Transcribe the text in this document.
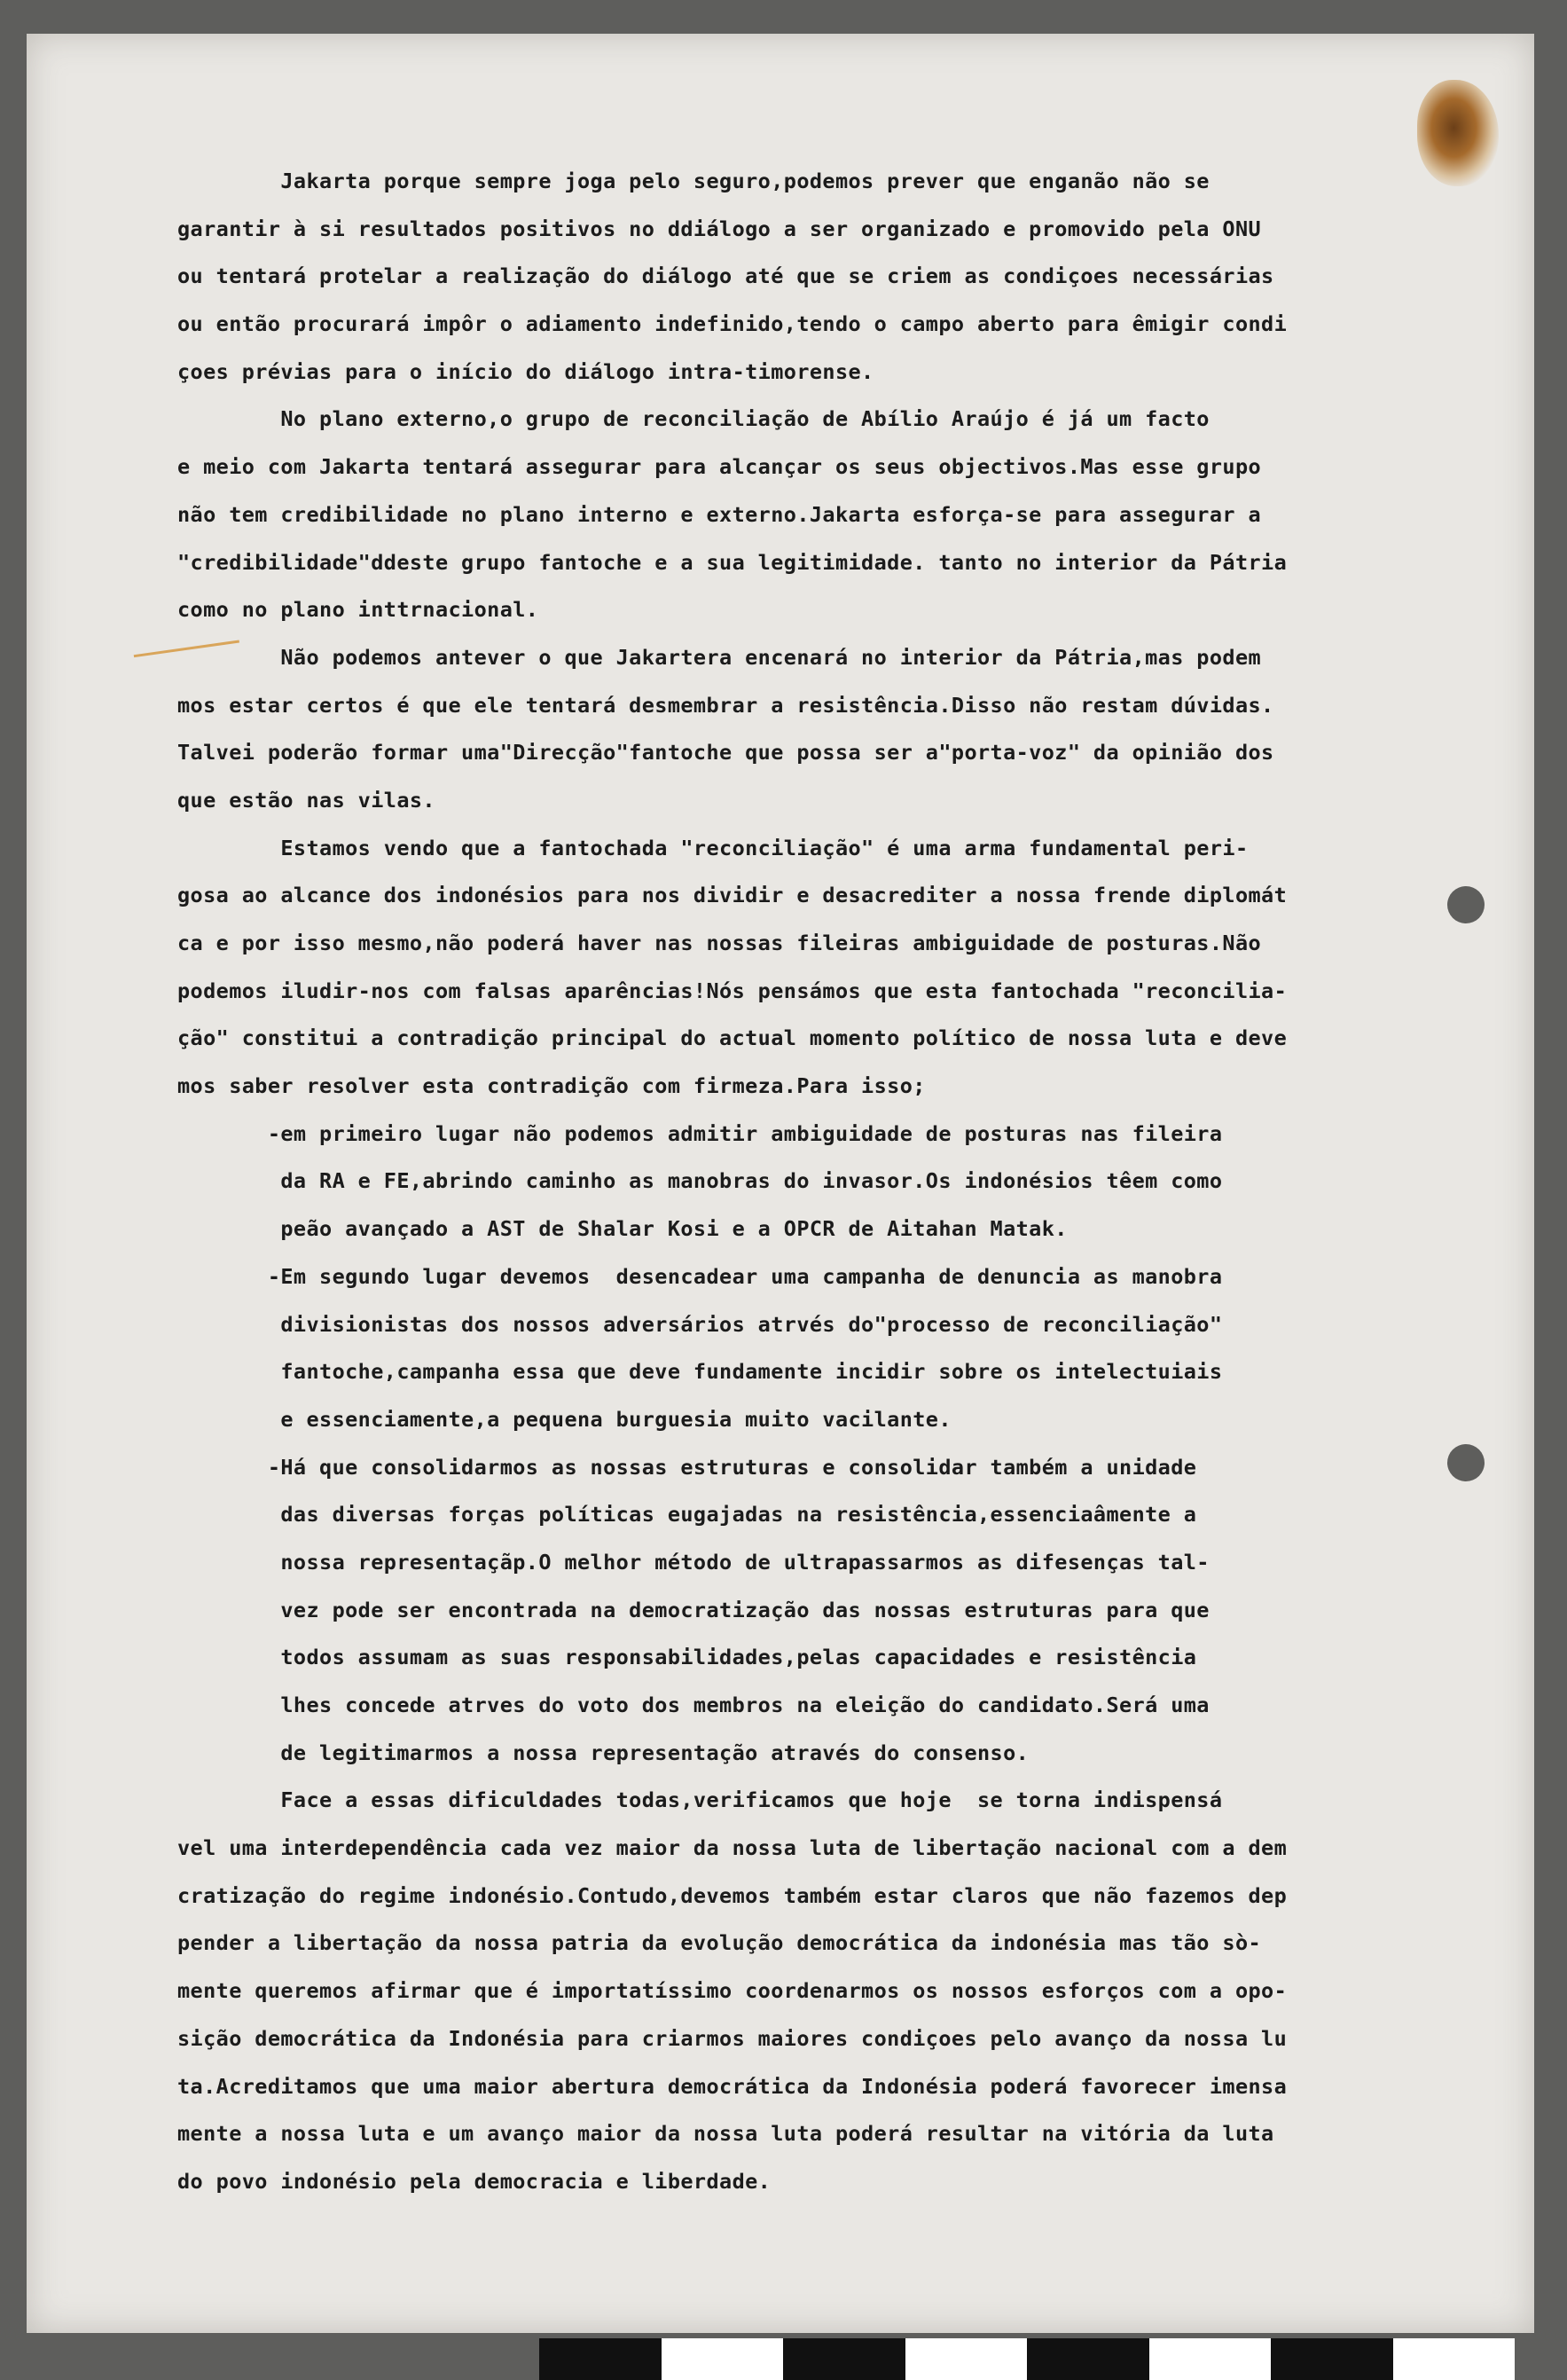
Jakarta porque sempre joga pelo seguro,podemos prever que enganão não se
garantir à si resultados positivos no ddiálogo a ser organizado e promovido pela ONU
ou tentará protelar a realização do diálogo até que se criem as condiçoes necessárias
ou então procurará impôr o adiamento indefinido,tendo o campo aberto para êmigir condi
çoes prévias para o início do diálogo intra-timorense.
No plano externo,o grupo de reconciliação de Abílio Araújo é já um facto
e meio com Jakarta tentará assegurar para alcançar os seus objectivos.Mas esse grupo
não tem credibilidade no plano interno e externo.Jakarta esforça-se para assegurar a
"credibilidade"ddeste grupo fantoche e a sua legitimidade. tanto no interior da Pátria
como no plano inttrnacional.
Não podemos antever o que Jakartera encenará no interior da Pátria,mas podem
mos estar certos é que ele tentará desmembrar a resistência.Disso não restam dúvidas.
Talvei poderão formar uma"Direcção"fantoche que possa ser a"porta-voz" da opinião dos
que estão nas vilas.
Estamos vendo que a fantochada "reconciliação" é uma arma fundamental peri-
gosa ao alcance dos indonésios para nos dividir e desacrediter a nossa frende diplomát
ca e por isso mesmo,não poderá haver nas nossas fileiras ambiguidade de posturas.Não
podemos iludir-nos com falsas aparências!Nós pensámos que esta fantochada "reconcilia-
ção" constitui a contradição principal do actual momento político de nossa luta e deve
mos saber resolver esta contradição com firmeza.Para isso;
-em primeiro lugar não podemos admitir ambiguidade de posturas nas fileira
da RA e FE,abrindo caminho as manobras do invasor.Os indonésios têem como
peão avançado a AST de Shalar Kosi e a OPCR de Aitahan Matak.
-Em segundo lugar devemos  desencadear uma campanha de denuncia as manobra
divisionistas dos nossos adversários atrvés do"processo de reconciliação"
fantoche,campanha essa que deve fundamente incidir sobre os intelectuiais
e essenciamente,a pequena burguesia muito vacilante.
-Há que consolidarmos as nossas estruturas e consolidar também a unidade
das diversas forças políticas eugajadas na resistência,essenciaâmente a
nossa representaçãp.O melhor método de ultrapassarmos as difesenças tal-
vez pode ser encontrada na democratização das nossas estruturas para que
todos assumam as suas responsabilidades,pelas capacidades e resistência
lhes concede atrves do voto dos membros na eleição do candidato.Será uma
de legitimarmos a nossa representação através do consenso.
Face a essas dificuldades todas,verificamos que hoje  se torna indispensá
vel uma interdependência cada vez maior da nossa luta de libertação nacional com a dem
cratização do regime indonésio.Contudo,devemos também estar claros que não fazemos dep
pender a libertação da nossa patria da evolução democrática da indonésia mas tão sò-
mente queremos afirmar que é importatíssimo coordenarmos os nossos esforços com a opo-
sição democrática da Indonésia para criarmos maiores condiçoes pelo avanço da nossa lu
ta.Acreditamos que uma maior abertura democrática da Indonésia poderá favorecer imensa
mente a nossa luta e um avanço maior da nossa luta poderá resultar na vitória da luta
do povo indonésio pela democracia e liberdade.
